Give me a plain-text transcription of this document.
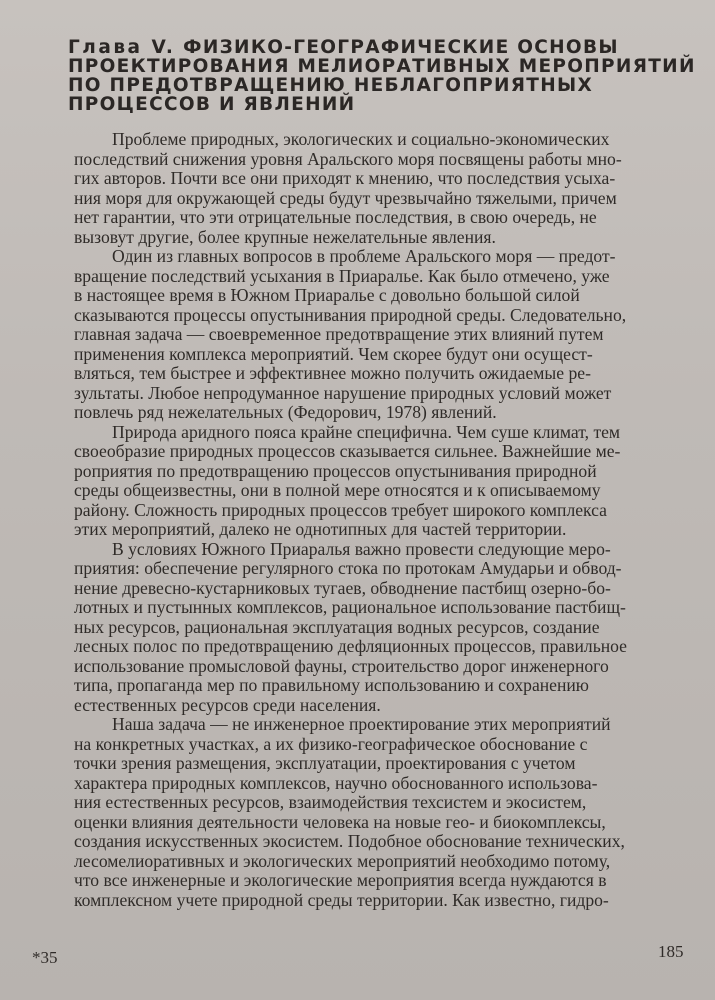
Глава V. ФИЗИКО-ГЕОГРАФИЧЕСКИЕ ОСНОВЫ
ПРОЕКТИРОВАНИЯ МЕЛИОРАТИВНЫХ МЕРОПРИЯТИЙ
ПО ПРЕДОТВРАЩЕНИЮ НЕБЛАГОПРИЯТНЫХ
ПРОЦЕССОВ И ЯВЛЕНИЙ
Проблеме природных, экологических и социально-экономических
последствий снижения уровня Аральского моря посвящены работы мно-
гих авторов. Почти все они приходят к мнению, что последствия усыха-
ния моря для окружающей среды будут чрезвычайно тяжелыми, причем
нет гарантии, что эти отрицательные последствия, в свою очередь, не
вызовут другие, более крупные нежелательные явления.
Один из главных вопросов в проблеме Аральского моря — предот-
вращение последствий усыхания в Приаралье. Как было отмечено, уже
в настоящее время в Южном Приаралье с довольно большой силой
сказываются процессы опустынивания природной среды. Следовательно,
главная задача — своевременное предотвращение этих влияний путем
применения комплекса мероприятий. Чем скорее будут они осущест-
вляться, тем быстрее и эффективнее можно получить ожидаемые ре-
зультаты. Любое непродуманное нарушение природных условий может
повлечь ряд нежелательных (Федорович, 1978) явлений.
Природа аридного пояса крайне специфична. Чем суше климат, тем
своеобразие природных процессов сказывается сильнее. Важнейшие ме-
роприятия по предотвращению процессов опустынивания природной
среды общеизвестны, они в полной мере относятся и к описываемому
району. Сложность природных процессов требует широкого комплекса
этих мероприятий, далеко не однотипных для частей территории.
В условиях Южного Приаралья важно провести следующие меро-
приятия: обеспечение регулярного стока по протокам Амударьи и обвод-
нение древесно-кустарниковых тугаев, обводнение пастбищ озерно-бо-
лотных и пустынных комплексов, рациональное использование пастбищ-
ных ресурсов, рациональная эксплуатация водных ресурсов, создание
лесных полос по предотвращению дефляционных процессов, правильное
использование промысловой фауны, строительство дорог инженерного
типа, пропаганда мер по правильному использованию и сохранению
естественных ресурсов среди населения.
Наша задача — не инженерное проектирование этих мероприятий
на конкретных участках, а их физико-географическое обоснование с
точки зрения размещения, эксплуатации, проектирования с учетом
характера природных комплексов, научно обоснованного использова-
ния естественных ресурсов, взаимодействия техсистем и экосистем,
оценки влияния деятельности человека на новые гео- и биокомплексы,
создания искусственных экосистем. Подобное обоснование технических,
лесомелиоративных и экологических мероприятий необходимо потому,
что все инженерные и экологические мероприятия всегда нуждаются в
комплексном учете природной среды территории. Как известно, гидро-
*35	185
